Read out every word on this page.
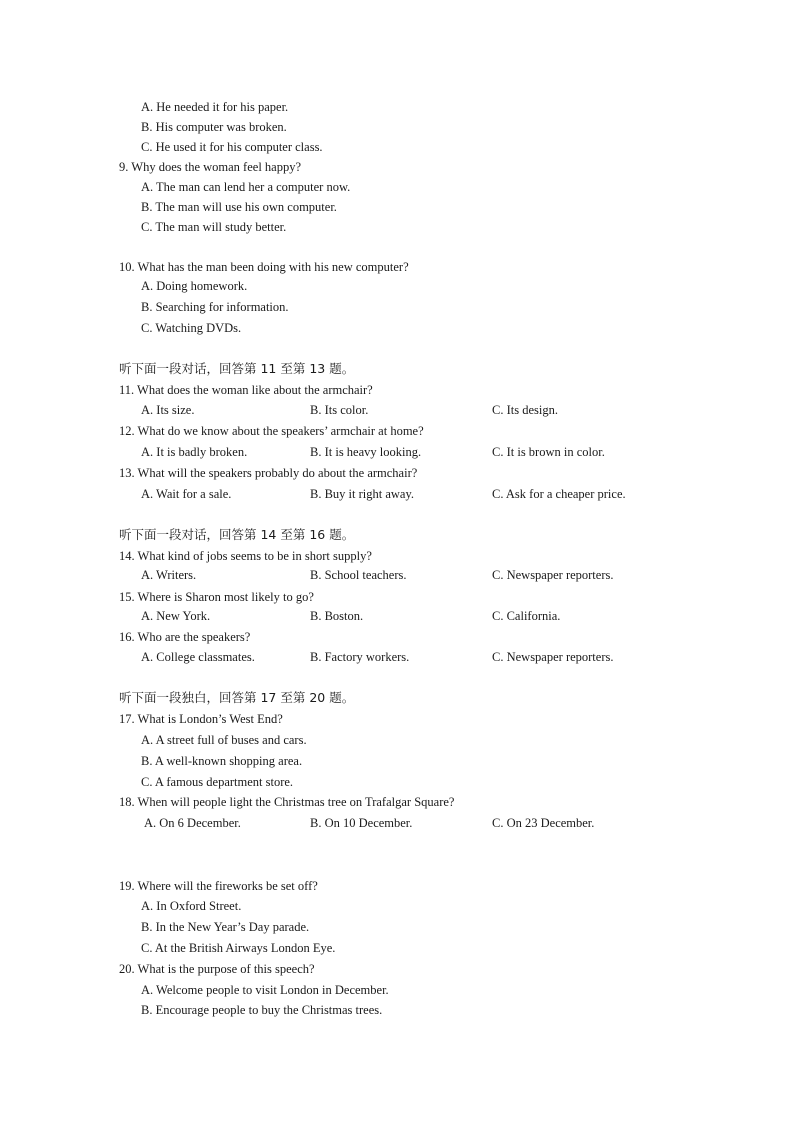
A. He needed it for his paper.
B. His computer was broken.
C. He used it for his computer class.
9. Why does the woman feel happy?
A. The man can lend her a computer now.
B. The man will use his own computer.
C. The man will study better.
10. What has the man been doing with his new computer?
A. Doing homework.
B. Searching for information.
C. Watching DVDs.
听下面一段对话，回答第 11 至第 13 题。
11. What does the woman like about the armchair?
A. Its size.	B. Its color.	C. Its design.
12. What do we know about the speakers’ armchair at home?
A. It is badly broken.	B. It is heavy looking.	C. It is brown in color.
13. What will the speakers probably do about the armchair?
A. Wait for a sale.	B. Buy it right away.	C. Ask for a cheaper price.
听下面一段对话，回答第 14 至第 16 题。
14. What kind of jobs seems to be in short supply?
A. Writers.	B. School teachers.	C. Newspaper reporters.
15. Where is Sharon most likely to go?
A. New York.	B. Boston.	C. California.
16. Who are the speakers?
A. College classmates.	B. Factory workers.	C. Newspaper reporters.
听下面一段独白，回答第 17 至第 20 题。
17. What is London’s West End?
A. A street full of buses and cars.
B. A well-known shopping area.
C. A famous department store.
18. When will people light the Christmas tree on Trafalgar Square?
A. On 6 December.	B. On 10 December.	C. On 23 December.
19. Where will the fireworks be set off?
A. In Oxford Street.
B. In the New Year’s Day parade.
C. At the British Airways London Eye.
20. What is the purpose of this speech?
A. Welcome people to visit London in December.
B. Encourage people to buy the Christmas trees.
